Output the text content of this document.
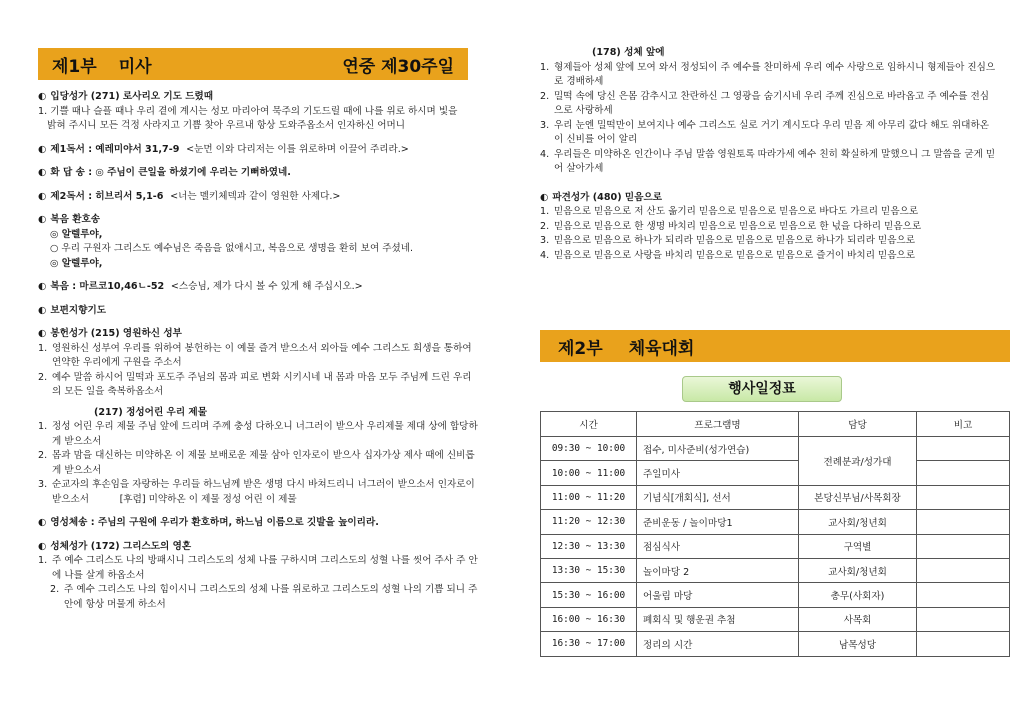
제1부 미사	연중 제30주일
제2부 체육대회
◐ 입당성가 (271) 로사리오 기도 드렸때
1. 기쁠 때나 슬플 때나 우리 곁에 계시는 성모 마리아여 묵주의 기도드릴 때에 나를 위로 하시며 빛을
밝혀 주시니 모든 걱정 사라지고 기쁨 찾아 우르내 항상 도와주옵소서 인자하신 어머니
◐ 제1독서 : 예레미야서 31,7-9 <눈먼 이와 다리저는 이를 위로하며 이끌어 주리라.>
◐ 화 답 송 : ◎ 주님이 큰일을 하셨기에 우리는 기뻐하였네.
◐ 제2독서 : 히브리서 5,1-6 <너는 멜키체덱과 같이 영원한 사제다.>
◐ 복음 환호송
◎ 알렐루야,
○ 우리 구원자 그리스도 예수님은 죽음을 없애시고, 복음으로 생명을 환히 보여 주셨네.
◎ 알렐루야,
◐ 복음 : 마르코10,46ㄴ-52 <스승님, 제가 다시 볼 수 있게 해 주십시오.>
◐ 보편지향기도
◐ 봉헌성가 (215) 영원하신 성부
1. 영원하신 성부여 우리를 위하여 봉헌하는 이 예물 즐겨 받으소서 외아들 예수 그리스도 희생을 통하여 연약한 우리에게 구원을 주소서
2. 예수 말씀 하시어 밀떡과 포도주 주님의 몸과 피로 변화 시키시네 내 몸과 마음 모두 주님께 드린 우리의 모든 일을 축복하옵소서
(217) 정성어린 우리 제물
1. 정성 어린 우리 제물 주님 앞에 드리며 주께 충성 다하오니 너그러이 받으사 우리제물 제대 상에 합당하게 받으소서
2. 몸과 맘을 대신하는 미약하온 이 제물 보배로운 제물 삼아 인자로이 받으사 십자가상 제사 때에 신비롭게 받으소서
3. 순교자의 후손임을 자랑하는 우리들 하느님께 받은 생명 다시 바쳐드리니 너그러이 받으소서 인자로이 받으소서          [후렴] 미약하온 이 제물 정성 어린 이 제물
◐ 영성체송 : 주님의 구원에 우리가 환호하며, 하느님 이름으로 깃발을 높이리라.
◐ 성체성가 (172) 그리스도의 영혼
1. 주 예수 그리스도 나의 방패시니 그리스도의 성체 나를 구하시며 그리스도의 성혈 나를 씻어 주사 주 안에 나를 살게 하옵소서
2. 주 예수 그리스도 나의 힘이시니 그리스도의 성체 나를 위로하고 그리스도의 성혈 나의 기쁨 되니 주 안에 항상 머물게 하소서
(178) 성체 앞에
1. 형제들아 성체 앞에 모여 와서 정성되이 주 예수를 찬미하세 우리 예수 사랑으로 임하시니 형제들아 진심으로 경배하세
2. 밀떡 속에 당신 은몸 감추시고 찬란하신 그 영광을 숨기시네 우리 주께 진심으로 바라옵고 주 예수를 전심으로 사랑하세
3. 우리 눈엔 밀떡만이 보여지나 예수 그리스도 실로 거기 계시도다 우리 믿음 제 아무리 값다 해도 위대하온 이 신비를 어이 알리
4. 우리들은 미약하온 인간이나 주님 말씀 영원토록 따라가세 예수 친히 확실하게 말했으니 그 말씀을 굳게 믿어 살아가세
◐ 파견성가 (480) 믿음으로
1. 믿음으로 믿음으로 저 산도 옮기리 믿음으로 믿음으로 믿음으로 바다도 가르리 믿음으로
2. 믿음으로 믿음으로 한 생명 바치리 믿음으로 믿음으로 믿음으로 한 넋을 다하리 믿음으로
3. 믿음으로 믿음으로 하나가 되리라 믿음으로 믿음으로 믿음으로 하나가 되리라 믿음으로
4. 믿음으로 믿음으로 사랑을 바치리 믿음으로 믿음으로 믿음으로 즐거이 바치리 믿음으로
행사일정표
시간	프로그램명	담당	비고
09:30 ~ 10:00	접수, 미사준비(성가연습)	전례분과/성가대	
10:00 ~ 11:00	주일미사		
11:00 ~ 11:20	기념식[개회식], 선서	본당신부님/사목회장	
11:20 ~ 12:30	준비운동 / 놀이마당1	교사회/청년회	
12:30 ~ 13:30	점심식사	구역별	
13:30 ~ 15:30	놀이마당 2	교사회/청년회	
15:30 ~ 16:00	어울림 마당	총무(사회자)	
16:00 ~ 16:30	폐회식 및 행운권 추첨	사목회	
16:30 ~ 17:00	정리의 시간	남목성당	
